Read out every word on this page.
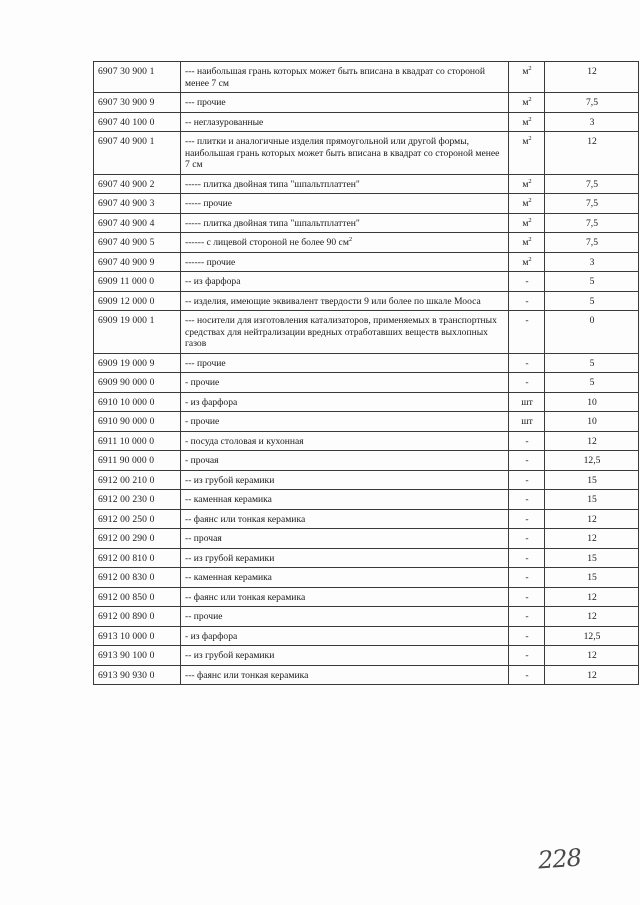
6907 30 900 1	--- наибольшая грань которых может быть вписана в квадрат со стороной менее 7 см	$м^2$	12
6907 30 900 9	--- прочие	$м^2$	7,5
6907 40 100 0	-- неглазурованные	$м^2$	3
6907 40 900 1	--- плитки и аналогичные изделия прямоугольной или другой формы, наибольшая грань которых может быть вписана в квадрат со стороной менее 7 см	$м^2$	12
6907 40 900 2	----- плитка двойная типа "шпальтплаттен"	$м^2$	7,5
6907 40 900 3	----- прочие	$м^2$	7,5
6907 40 900 4	----- плитка двойная типа "шпальтплаттен"	$м^2$	7,5
6907 40 900 5	------ с лицевой стороной не более 90 $см^2$	$м^2$	7,5
6907 40 900 9	------ прочие	$м^2$	3
6909 11 000 0	-- из фарфора	-	5
6909 12 000 0	-- изделия, имеющие эквивалент твердости 9 или более по шкале Мооса	-	5
6909 19 000 1	--- носители для изготовления катализаторов, применяемых в транспортных средствах для нейтрализации вредных отработавших веществ выхлопных газов	-	0
6909 19 000 9	--- прочие	-	5
6909 90 000 0	- прочие	-	5
6910 10 000 0	- из фарфора	шт	10
6910 90 000 0	- прочие	шт	10
6911 10 000 0	- посуда столовая и кухонная	-	12
6911 90 000 0	- прочая	-	12,5
6912 00 210 0	-- из грубой керамики	-	15
6912 00 230 0	-- каменная керамика	-	15
6912 00 250 0	-- фаянс или тонкая керамика	-	12
6912 00 290 0	-- прочая	-	12
6912 00 810 0	-- из грубой керамики	-	15
6912 00 830 0	-- каменная керамика	-	15
6912 00 850 0	-- фаянс или тонкая керамика	-	12
6912 00 890 0	-- прочие	-	12
6913 10 000 0	- из фарфора	-	12,5
6913 90 100 0	-- из грубой керамики	-	12
6913 90 930 0	--- фаянс или тонкая керамика	-	12
228
